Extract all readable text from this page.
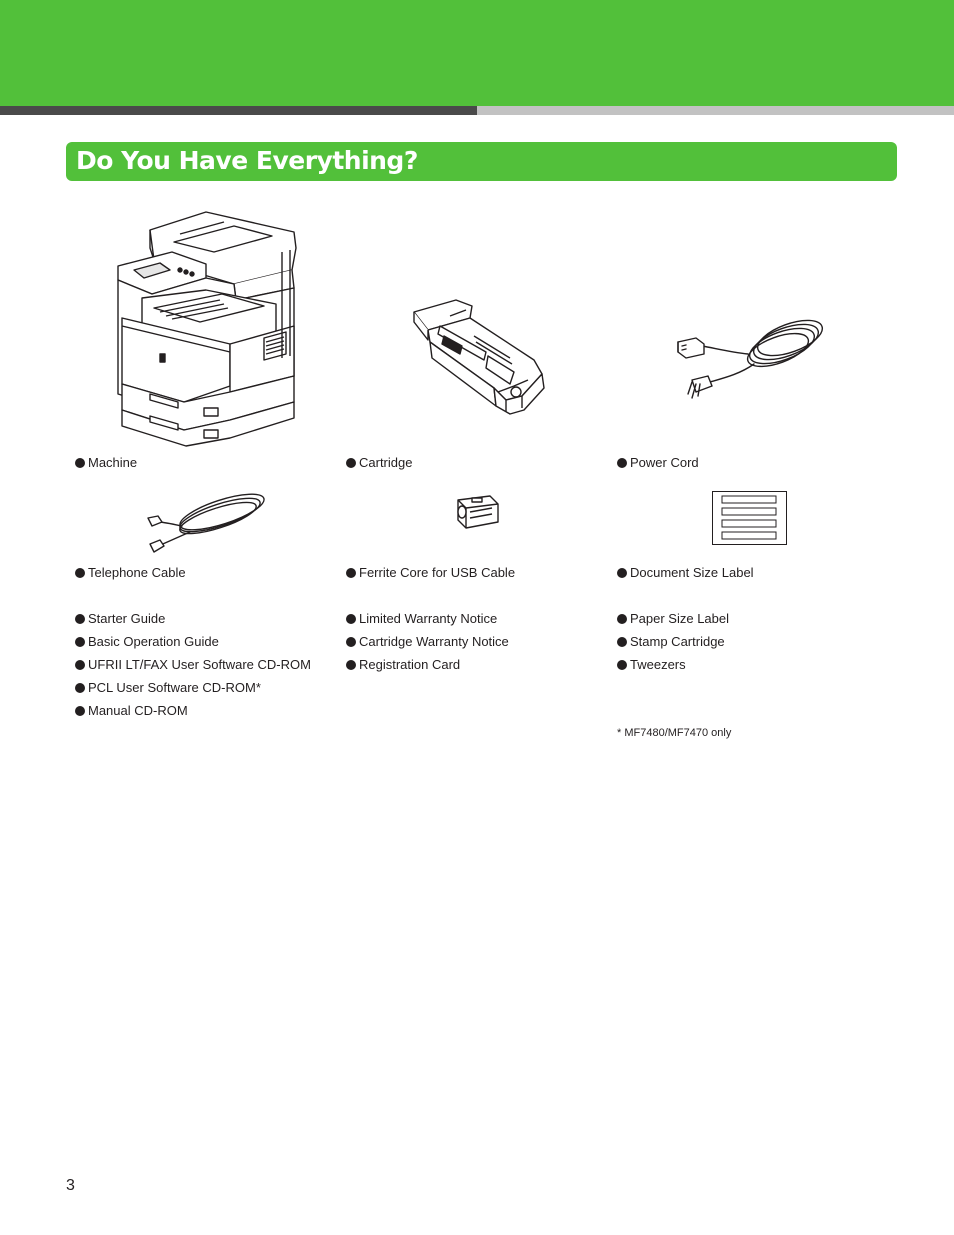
Do You Have Everything?
Machine	Cartridge	Power Cord
Telephone Cable	Ferrite Core for USB Cable	Document Size Label
Starter Guide
Basic Operation Guide
UFRII LT/FAX User Software CD-ROM
PCL User Software CD-ROM*
Manual CD-ROM
Limited Warranty Notice
Cartridge Warranty Notice
Registration Card
Paper Size Label
Stamp Cartridge
Tweezers
* MF7480/MF7470 only
3
